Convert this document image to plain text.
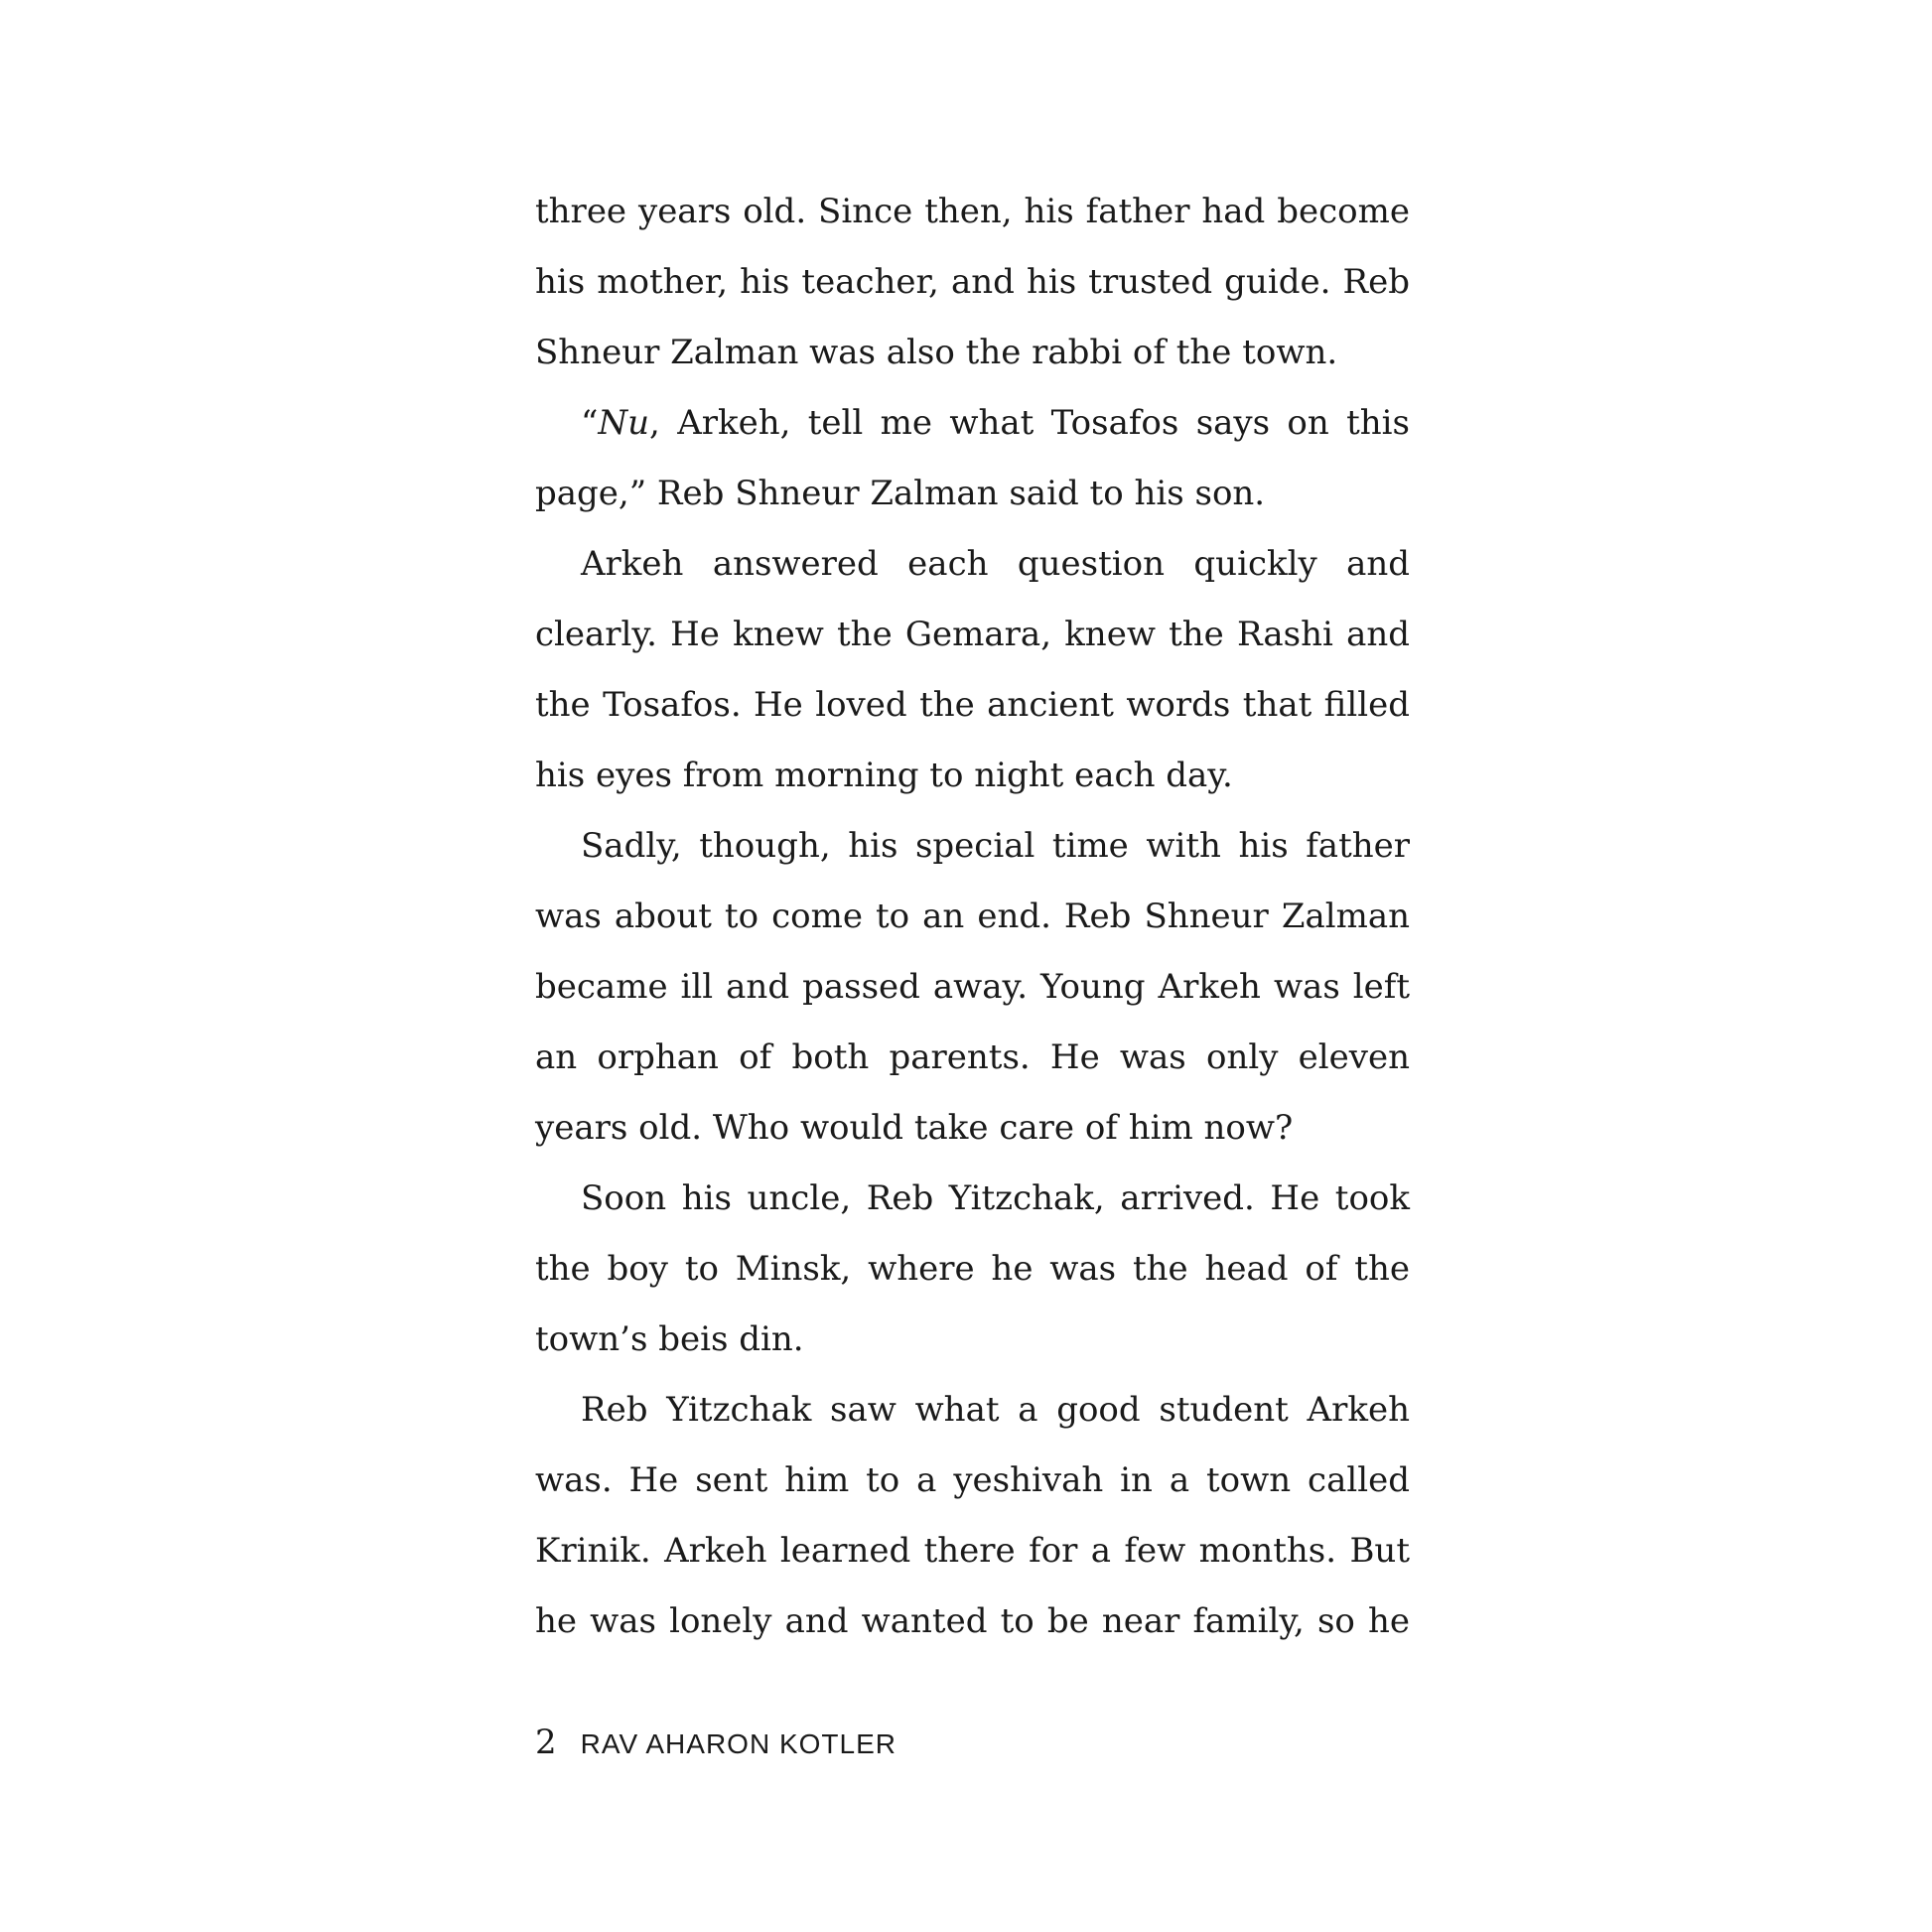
three years old. Since then, his father had become
his mother, his teacher, and his trusted guide. Reb
Shneur Zalman was also the rabbi of the town.
“Nu, Arkeh, tell me what Tosafos says on this
page,” Reb Shneur Zalman said to his son.
Arkeh answered each question quickly and
clearly. He knew the Gemara, knew the Rashi and
the Tosafos. He loved the ancient words that filled
his eyes from morning to night each day.
Sadly, though, his special time with his father
was about to come to an end. Reb Shneur Zalman
became ill and passed away. Young Arkeh was left
an orphan of both parents. He was only eleven
years old. Who would take care of him now?
Soon his uncle, Reb Yitzchak, arrived. He took
the boy to Minsk, where he was the head of the
town’s beis din.
Reb Yitzchak saw what a good student Arkeh
was. He sent him to a yeshivah in a town called
Krinik. Arkeh learned there for a few months. But
he was lonely and wanted to be near family, so he
2 RAV AHARON KOTLER
